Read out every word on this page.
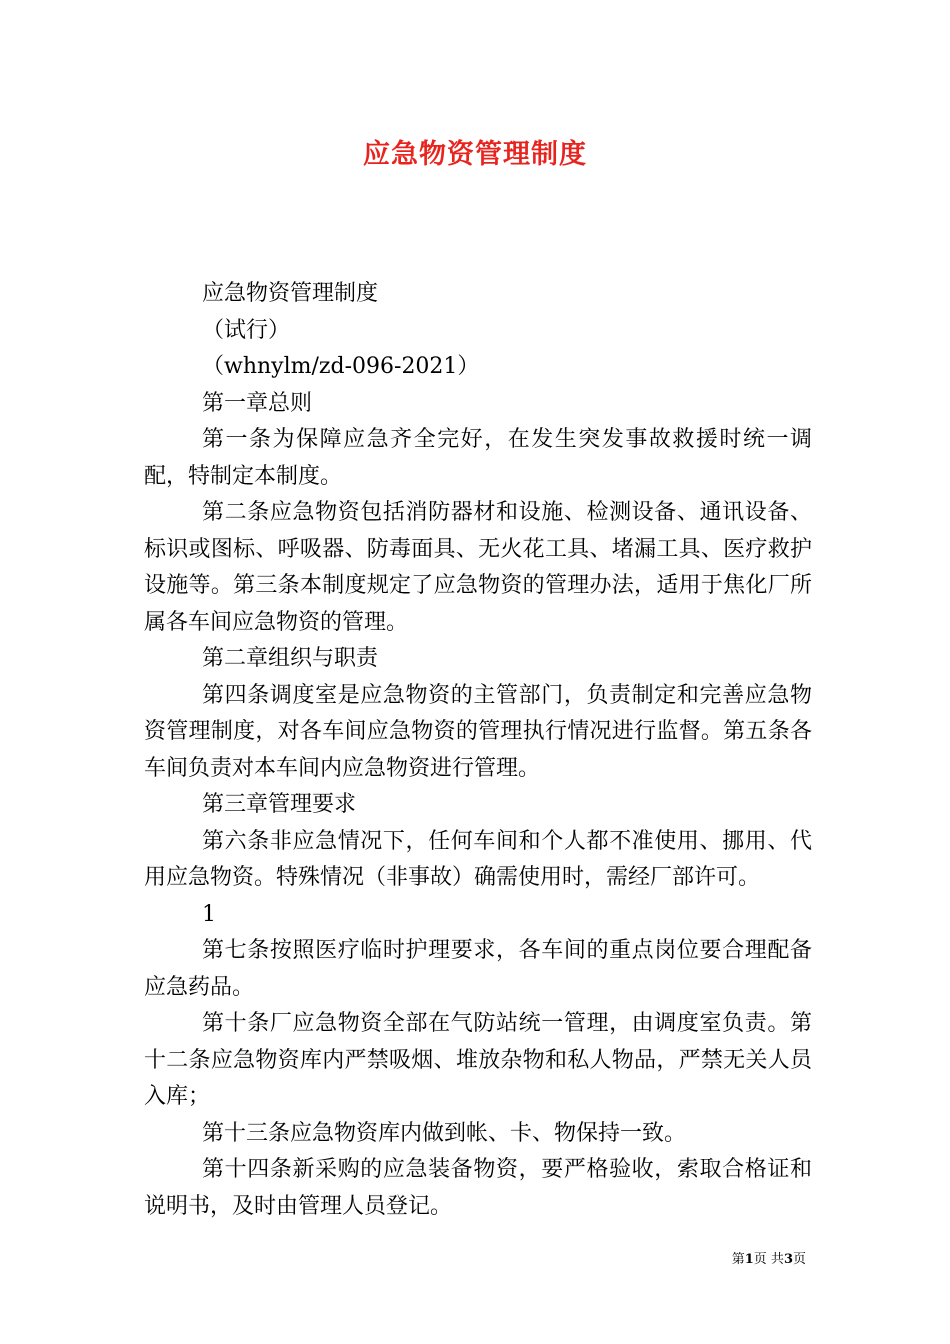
应急物资管理制度

应急物资管理制度

（试行）

（whnylm/zd-096-2021）

第一章总则

第一条为保障应急齐全完好，在发生突发事故救援时统一调配，特制定本制度。

第二条应急物资包括消防器材和设施、检测设备、通讯设备、标识或图标、呼吸器、防毒面具、无火花工具、堵漏工具、医疗救护设施等。第三条本制度规定了应急物资的管理办法，适用于焦化厂所属各车间应急物资的管理。

第二章组织与职责

第四条调度室是应急物资的主管部门，负责制定和完善应急物资管理制度，对各车间应急物资的管理执行情况进行监督。第五条各车间负责对本车间内应急物资进行管理。

第三章管理要求

第六条非应急情况下，任何车间和个人都不准使用、挪用、代用应急物资。特殊情况（非事故）确需使用时，需经厂部许可。

1

第七条按照医疗临时护理要求，各车间的重点岗位要合理配备应急药品。

第十条厂应急物资全部在气防站统一管理，由调度室负责。第十二条应急物资库内严禁吸烟、堆放杂物和私人物品，严禁无关人员入库；

第十三条应急物资库内做到帐、卡、物保持一致。

第十四条新采购的应急装备物资，要严格验收，索取合格证和说明书，及时由管理人员登记。

第1页 共3页
